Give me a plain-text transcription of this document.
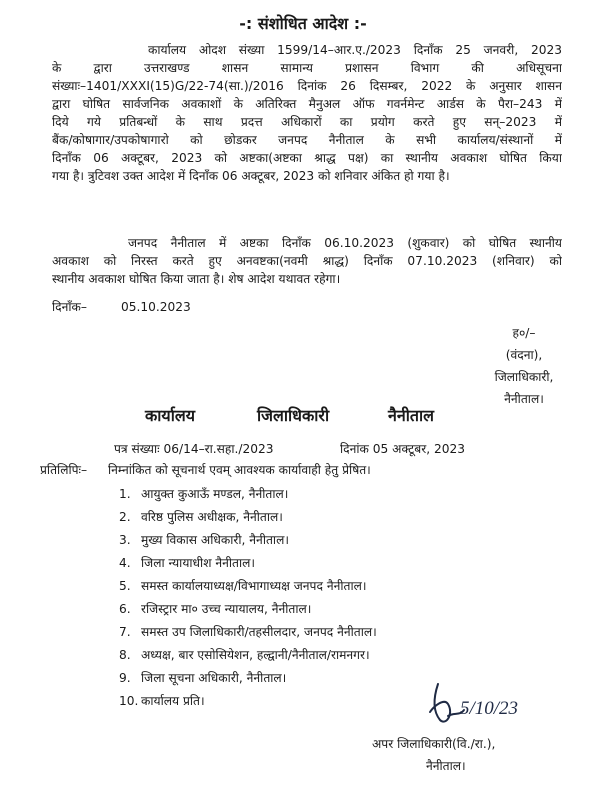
-: संशोधित आदेश :-
कार्यालय ओदश संख्या 1599/14–आर.ए./2023 दिनाँक 25 जनवरी, 2023
के द्वारा उत्तराखण्ड शासन सामान्य प्रशासन विभाग की अधिसूचना
संख्याः–1401/XXXI(15)G/22-74(सा.)/2016 दिनांक 26 दिसम्बर, 2022 के अनुसार शासन
द्वारा घोषित सार्वजनिक अवकाशों के अतिरिक्त मैनुअल ऑफ गवर्नमेन्ट आर्डस के पैरा–243 में
दिये गये प्रतिबन्धों के साथ प्रदत्त अधिकारों का प्रयोग करते हुए सन्–2023 में
बैंक/कोषागार/उपकोषागारो को छोडकर जनपद नैनीताल के सभी कार्यालय/संस्थानों में
दिनाँक 06 अक्टूबर, 2023 को अष्टका(अष्टका श्राद्ध पक्ष) का स्थानीय अवकाश घोषित किया
गया है। त्रुटिवश उक्त आदेश में दिनाँक 06 अक्टूबर, 2023 को शनिवार अंकित हो गया है।
जनपद नैनीताल में अष्टका दिनाँक 06.10.2023 (शुकवार) को घोषित स्थानीय
अवकाश को निरस्त करते हुए अनवष्टका(नवमी श्राद्ध) दिनाँक 07.10.2023 (शनिवार) को
स्थानीय अवकाश घोषित किया जाता है। शेष आदेश यथावत रहेगा।
दिनाँक–	05.10.2023
ह०/–
(वंदना),
जिलाधिकारी,
नैनीताल।
कार्यालय	जिलाधिकारी	नैनीताल
पत्र संख्याः 06/14–रा.सहा./2023	दिनांक 05 अक्टूबर, 2023
प्रतिलिपिः– निम्नांकित को सूचनार्थ एवम् आवश्यक कार्यावाही हेतु प्रेषित।
1. आयुक्त कुआऊँ मण्डल, नैनीताल।
2. वरिष्ठ पुलिस अधीक्षक, नैनीताल।
3. मुख्य विकास अधिकारी, नैनीताल।
4. जिला न्यायाधीश नैनीताल।
5. समस्त कार्यालयाध्यक्ष/विभागाध्यक्ष जनपद नैनीताल।
6. रजिस्ट्रार मा० उच्च न्यायालय, नैनीताल।
7. समस्त उप जिलाधिकारी/तहसीलदार, जनपद नैनीताल।
8. अध्यक्ष, बार एसोसियेशन, हल्द्वानी/नैनीताल/रामनगर।
9. जिला सूचना अधिकारी, नैनीताल।
10. कार्यालय प्रति।	5/10/23
अपर जिलाधिकारी(वि./रा.),
नैनीताल।
